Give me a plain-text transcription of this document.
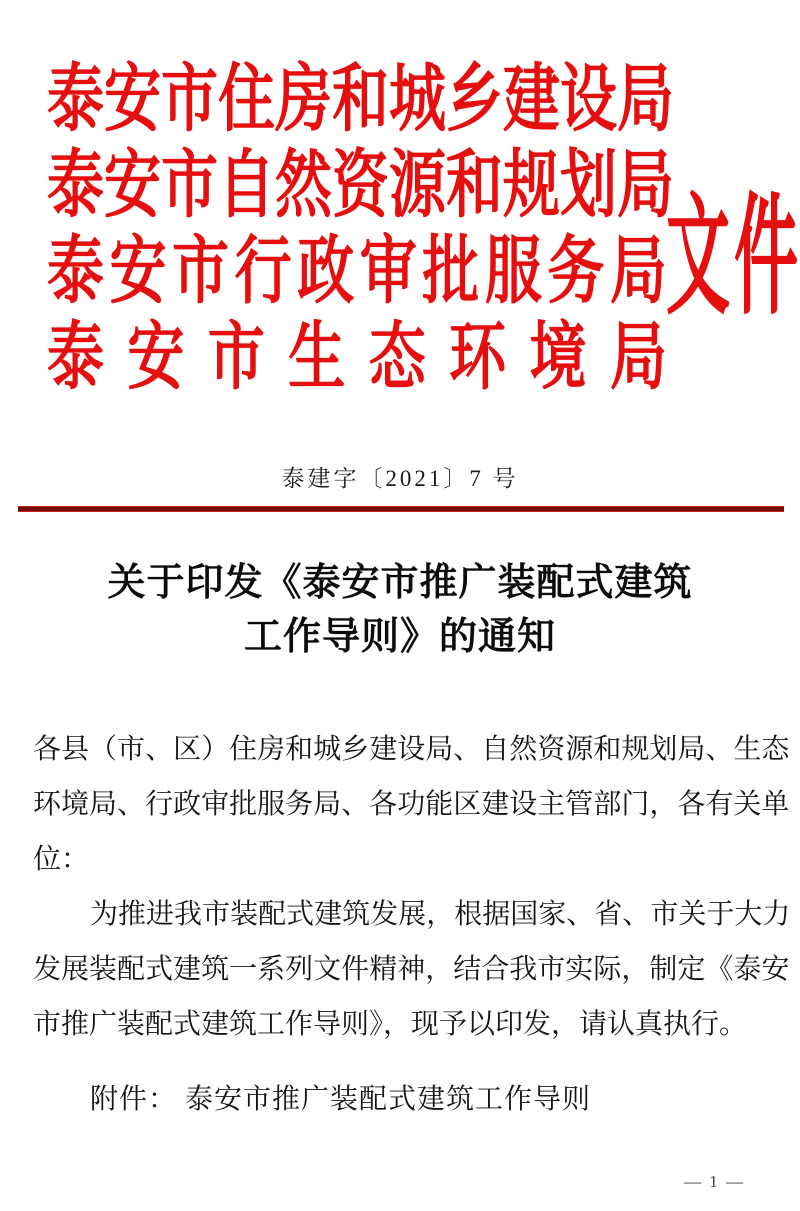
泰 安 市 住 房 和 城 乡 建 设 局
泰 安 市 自 然 资 源 和 规 划 局
泰 安 市 行 政 审 批 服 务 局
泰 安 市 生 态 环 境 局
文 件
泰建字〔2021〕7 号
关于印发《泰安市推广装配式建筑
工作导则》的通知
各 县 （ 市 、 区 ） 住 房 和 城 乡 建 设 局 、 自 然 资 源 和 规 划 局 、 生 态
环 境 局 、 行 政 审 批 服 务 局 、 各 功 能 区 建 设 主 管 部 门 ， 各 有 关 单
位：
为 推 进 我 市 装 配 式 建 筑 发 展 ， 根 据 国 家 、 省 、 市 关 于 大 力
发 展 装 配 式 建 筑 一 系 列 文 件 精 神 ， 结 合 我 市 实 际 ， 制 定 《 泰 安
市推广装配式建筑工作导则》，现予以印发，请认真执行。
附件： 泰安市推广装配式建筑工作导则
— 1 —
